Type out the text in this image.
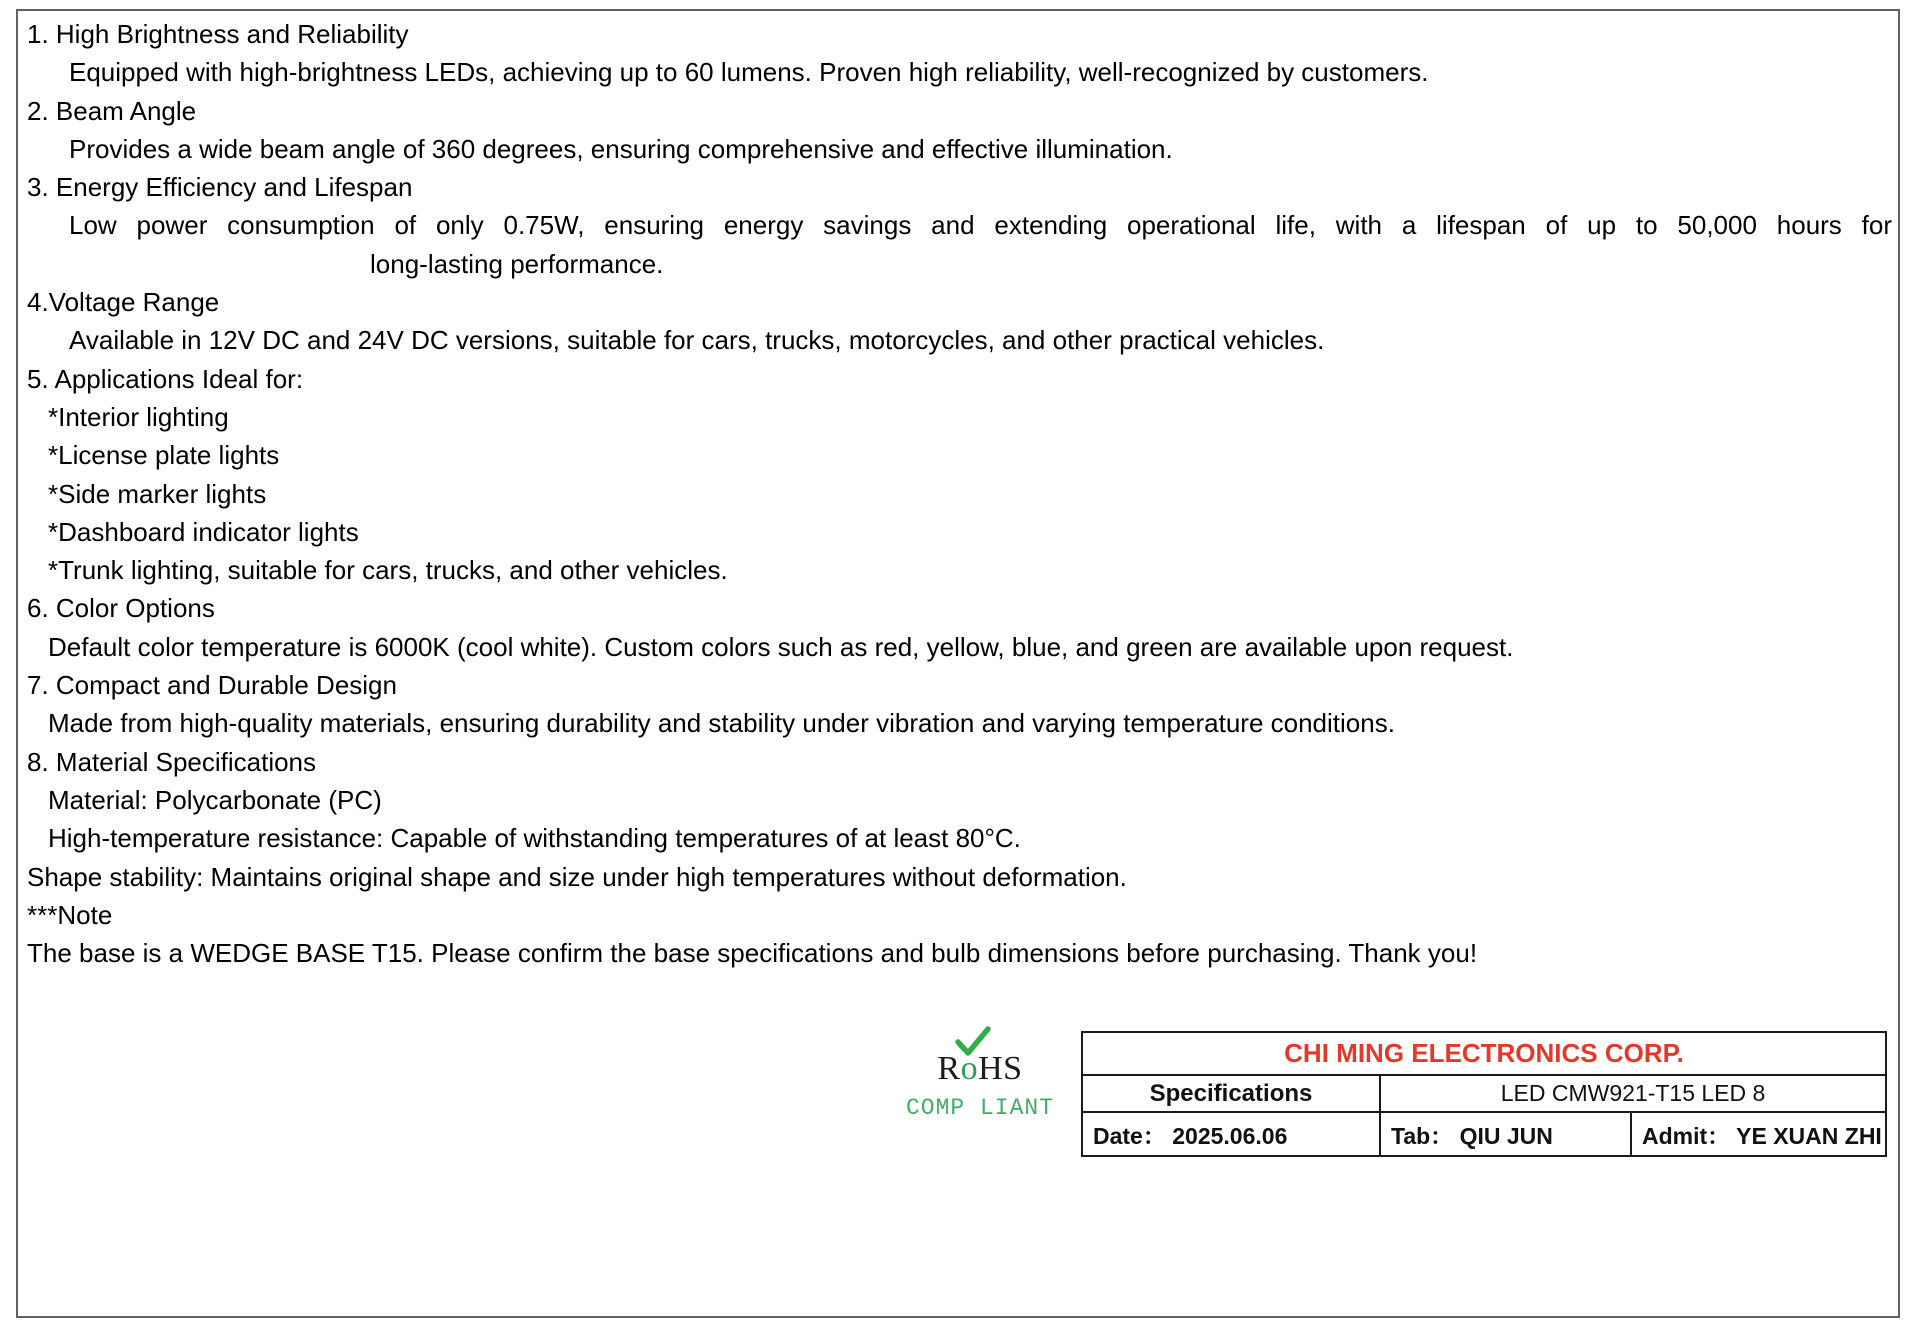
1. High Brightness and Reliability
Equipped with high-brightness LEDs, achieving up to 60 lumens. Proven high reliability, well-recognized by customers.
2. Beam Angle
Provides a wide beam angle of 360 degrees, ensuring comprehensive and effective illumination.
3. Energy Efficiency and Lifespan
Low power consumption of only 0.75W, ensuring energy savings and extending operational life, with a lifespan of up to 50,000 hours for
long-lasting performance.
4.Voltage Range
Available in 12V DC and 24V DC versions, suitable for cars, trucks, motorcycles, and other practical vehicles.
5. Applications Ideal for:
*Interior lighting
*License plate lights
*Side marker lights
*Dashboard indicator lights
*Trunk lighting, suitable for cars, trucks, and other vehicles.
6. Color Options
Default color temperature is 6000K (cool white). Custom colors such as red, yellow, blue, and green are available upon request.
7. Compact and Durable Design
Made from high-quality materials, ensuring durability and stability under vibration and varying temperature conditions.
8. Material Specifications
Material: Polycarbonate (PC)
High-temperature resistance: Capable of withstanding temperatures of at least 80°C.
Shape stability: Maintains original shape and size under high temperatures without deformation.
***Note
The base is a WEDGE BASE T15. Please confirm the base specifications and bulb dimensions before purchasing. Thank you!
RoHS
COMP LIANT
CHI MING ELECTRONICS CORP.		
Specifications	LED CMW921-T15 LED 8	
Date： 2025.06.06	Tab： QIU JUN	Admit： YE XUAN ZHI
